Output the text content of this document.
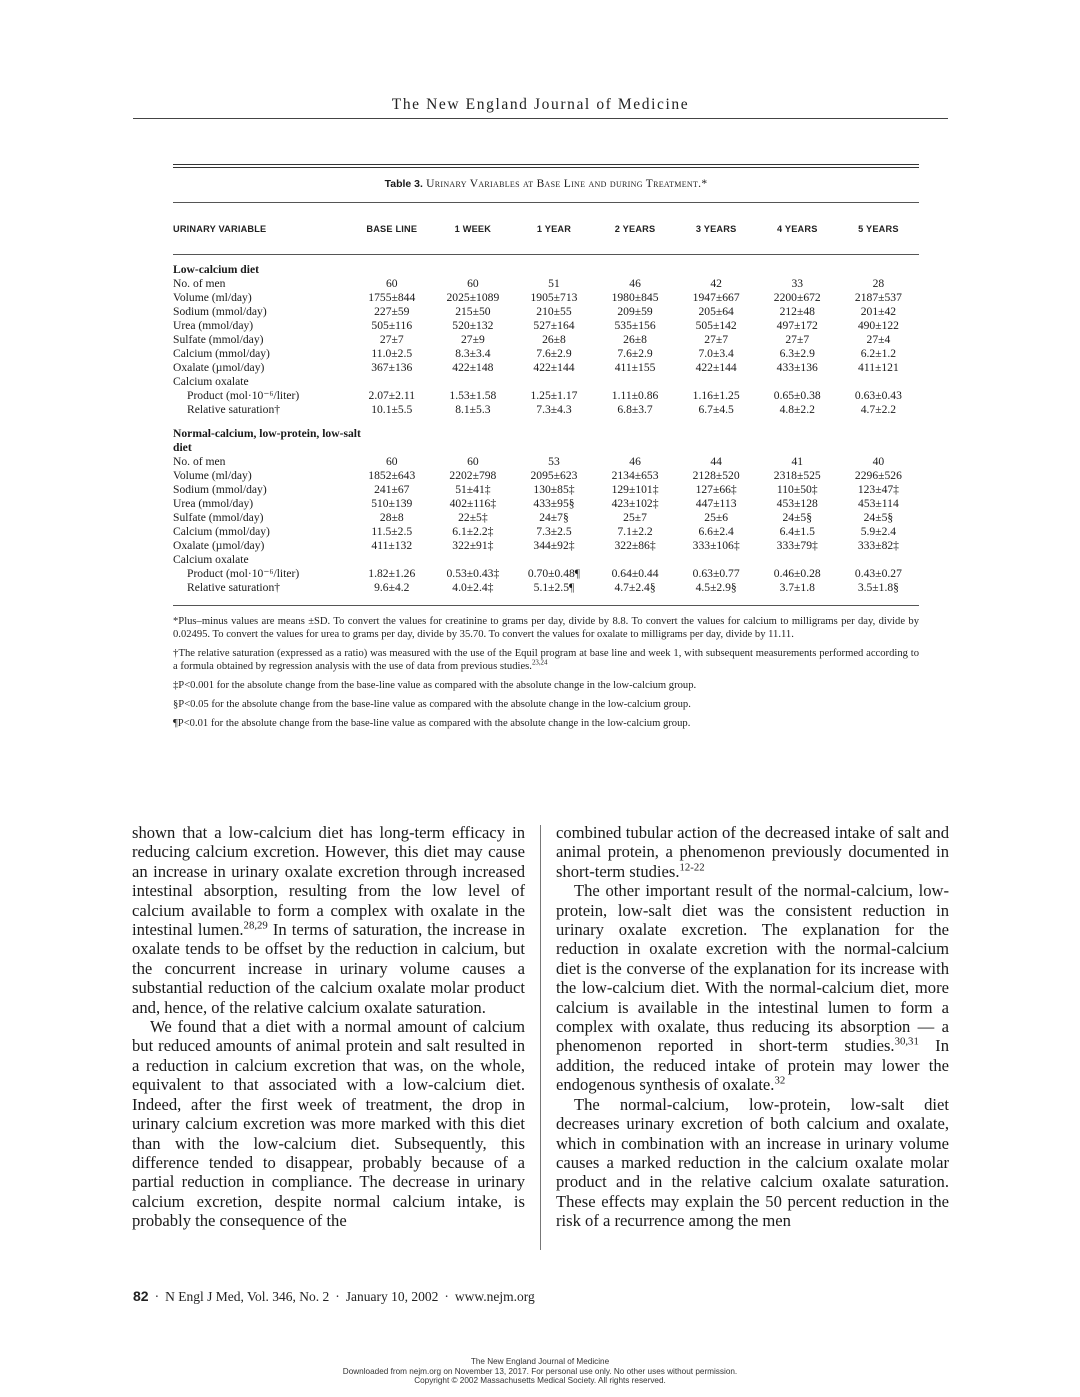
The New England Journal of Medicine
Table 3. Urinary Variables at Base Line and during Treatment.*
URINARY VARIABLE	BASE LINE	1 WEEK	1 YEAR	2 YEARS	3 YEARS	4 YEARS	5 YEARS
Low-calcium diet							
No. of men	60	60	51	46	42	33	28
Volume (ml/day)	1755±844	2025±1089	1905±713	1980±845	1947±667	2200±672	2187±537
Sodium (mmol/day)	227±59	215±50	210±55	209±59	205±64	212±48	201±42
Urea (mmol/day)	505±116	520±132	527±164	535±156	505±142	497±172	490±122
Sulfate (mmol/day)	27±7	27±9	26±8	26±8	27±7	27±7	27±4
Calcium (mmol/day)	11.0±2.5	8.3±3.4	7.6±2.9	7.6±2.9	7.0±3.4	6.3±2.9	6.2±1.2
Oxalate (µmol/day)	367±136	422±148	422±144	411±155	422±144	433±136	411±121
Calcium oxalate							
Product (mol·10⁻⁶/liter)	2.07±2.11	1.53±1.58	1.25±1.17	1.11±0.86	1.16±1.25	0.65±0.38	0.63±0.43
Relative saturation†	10.1±5.5	8.1±5.3	7.3±4.3	6.8±3.7	6.7±4.5	4.8±2.2	4.7±2.2
Normal-calcium, low-protein, low-salt diet							
No. of men	60	60	53	46	44	41	40
Volume (ml/day)	1852±643	2202±798	2095±623	2134±653	2128±520	2318±525	2296±526
Sodium (mmol/day)	241±67	51±41‡	130±85‡	129±101‡	127±66‡	110±50‡	123±47‡
Urea (mmol/day)	510±139	402±116‡	433±95§	423±102‡	447±113	453±128	453±114
Sulfate (mmol/day)	28±8	22±5‡	24±7§	25±7	25±6	24±5§	24±5§
Calcium (mmol/day)	11.5±2.5	6.1±2.2‡	7.3±2.5	7.1±2.2	6.6±2.4	6.4±1.5	5.9±2.4
Oxalate (µmol/day)	411±132	322±91‡	344±92‡	322±86‡	333±106‡	333±79‡	333±82‡
Calcium oxalate							
Product (mol·10⁻⁶/liter)	1.82±1.26	0.53±0.43‡	0.70±0.48¶	0.64±0.44	0.63±0.77	0.46±0.28	0.43±0.27
Relative saturation†	9.6±4.2	4.0±2.4‡	5.1±2.5¶	4.7±2.4§	4.5±2.9§	3.7±1.8	3.5±1.8§

*Plus–minus values are means ±SD. To convert the values for creatinine to grams per day, divide by 8.8. To convert the values for calcium to milligrams per day, divide by 0.02495. To convert the values for urea to grams per day, divide by 35.70. To convert the values for oxalate to milligrams per day, divide by 11.11.

†The relative saturation (expressed as a ratio) was measured with the use of the Equil program at base line and week 1, with subsequent measurements performed according to a formula obtained by regression analysis with the use of data from previous studies.$^{23,24}$

‡P<0.001 for the absolute change from the base-line value as compared with the absolute change in the low-calcium group.

§P<0.05 for the absolute change from the base-line value as compared with the absolute change in the low-calcium group.

¶P<0.01 for the absolute change from the base-line value as compared with the absolute change in the low-calcium group.

shown that a low-calcium diet has long-term efficacy in reducing calcium excretion. However, this diet may cause an increase in urinary oxalate excretion through increased intestinal absorption, resulting from the low level of calcium available to form a complex with oxalate in the intestinal lumen.$^{28,29}$ In terms of saturation, the increase in oxalate tends to be offset by the reduction in calcium, but the concurrent increase in urinary volume causes a substantial reduction of the calcium oxalate molar product and, hence, of the relative calcium oxalate saturation.

We found that a diet with a normal amount of calcium but reduced amounts of animal protein and salt resulted in a reduction in calcium excretion that was, on the whole, equivalent to that associated with a low-calcium diet. Indeed, after the first week of treatment, the drop in urinary calcium excretion was more marked with this diet than with the low-calcium diet. Subsequently, this difference tended to disappear, probably because of a partial reduction in compliance. The decrease in urinary calcium excretion, despite normal calcium intake, is probably the consequence of the

combined tubular action of the decreased intake of salt and animal protein, a phenomenon previously documented in short-term studies.$^{12-22}$

The other important result of the normal-calcium, low-protein, low-salt diet was the consistent reduction in urinary oxalate excretion. The explanation for the reduction in oxalate excretion with the normal-calcium diet is the converse of the explanation for its increase with the low-calcium diet. With the normal-calcium diet, more calcium is available in the intestinal lumen to form a complex with oxalate, thus reducing its absorption — a phenomenon reported in short-term studies.$^{30,31}$ In addition, the reduced intake of protein may lower the endogenous synthesis of oxalate.$^{32}$

The normal-calcium, low-protein, low-salt diet decreases urinary excretion of both calcium and oxalate, which in combination with an increase in urinary volume causes a marked reduction in the calcium oxalate molar product and in the relative calcium oxalate saturation. These effects may explain the 50 percent reduction in the risk of a recurrence among the men

82 · N Engl J Med, Vol. 346, No. 2 · January 10, 2002 · www.nejm.org
The New England Journal of Medicine
Downloaded from nejm.org on November 13, 2017. For personal use only. No other uses without permission.
Copyright © 2002 Massachusetts Medical Society. All rights reserved.
